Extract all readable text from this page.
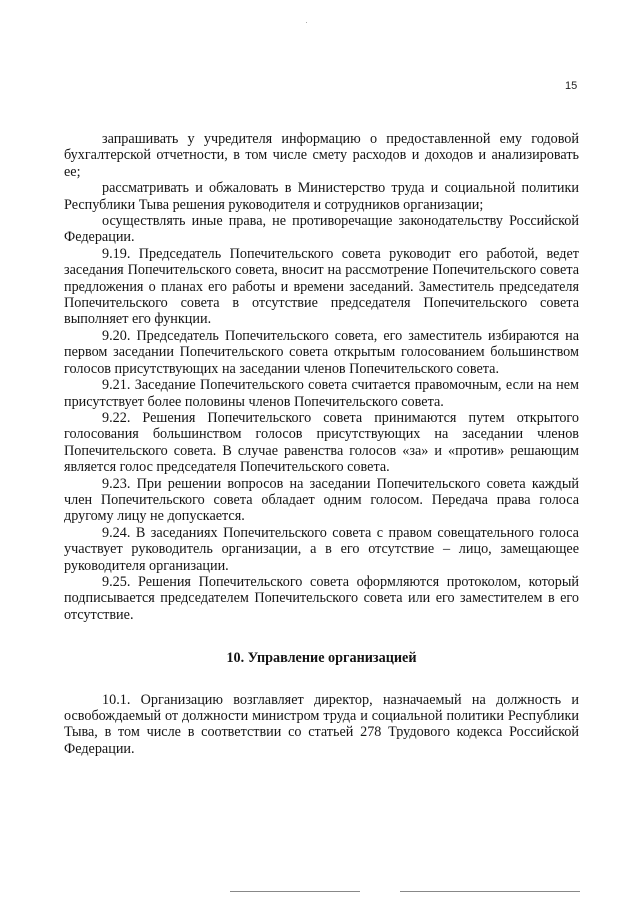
15

запрашивать у учредителя информацию о предоставленной ему годовой бухгалтерской отчетности, в том числе смету расходов и доходов и анализировать ее;

рассматривать и обжаловать в Министерство труда и социальной политики Республики Тыва решения руководителя и сотрудников организации;

осуществлять иные права, не противоречащие законодательству Российской Федерации.

9.19. Председатель Попечительского совета руководит его работой, ведет заседания Попечительского совета, вносит на рассмотрение Попечительского совета предложения о планах его работы и времени заседаний. Заместитель председателя Попечительского совета в отсутствие председателя Попечительского совета выполняет его функции.

9.20. Председатель Попечительского совета, его заместитель избираются на первом заседании Попечительского совета открытым голосованием большинством голосов присутствующих на заседании членов Попечительского совета.

9.21. Заседание Попечительского совета считается правомочным, если на нем присутствует более половины членов Попечительского совета.

9.22. Решения Попечительского совета принимаются путем открытого голосования большинством голосов присутствующих на заседании членов Попечительского совета. В случае равенства голосов «за» и «против» решающим является голос председателя Попечительского совета.

9.23. При решении вопросов на заседании Попечительского совета каждый член Попечительского совета обладает одним голосом. Передача права голоса другому лицу не допускается.

9.24. В заседаниях Попечительского совета с правом совещательного голоса участвует руководитель организации, а в его отсутствие – лицо, замещающее руководителя организации.

9.25. Решения Попечительского совета оформляются протоколом, который подписывается председателем Попечительского совета или его заместителем в его отсутствие.

10. Управление организацией

10.1. Организацию возглавляет директор, назначаемый на должность и освобождаемый от должности министром труда и социальной политики Республики Тыва, в том числе в соответствии со статьей 278 Трудового кодекса Российской Федерации.
